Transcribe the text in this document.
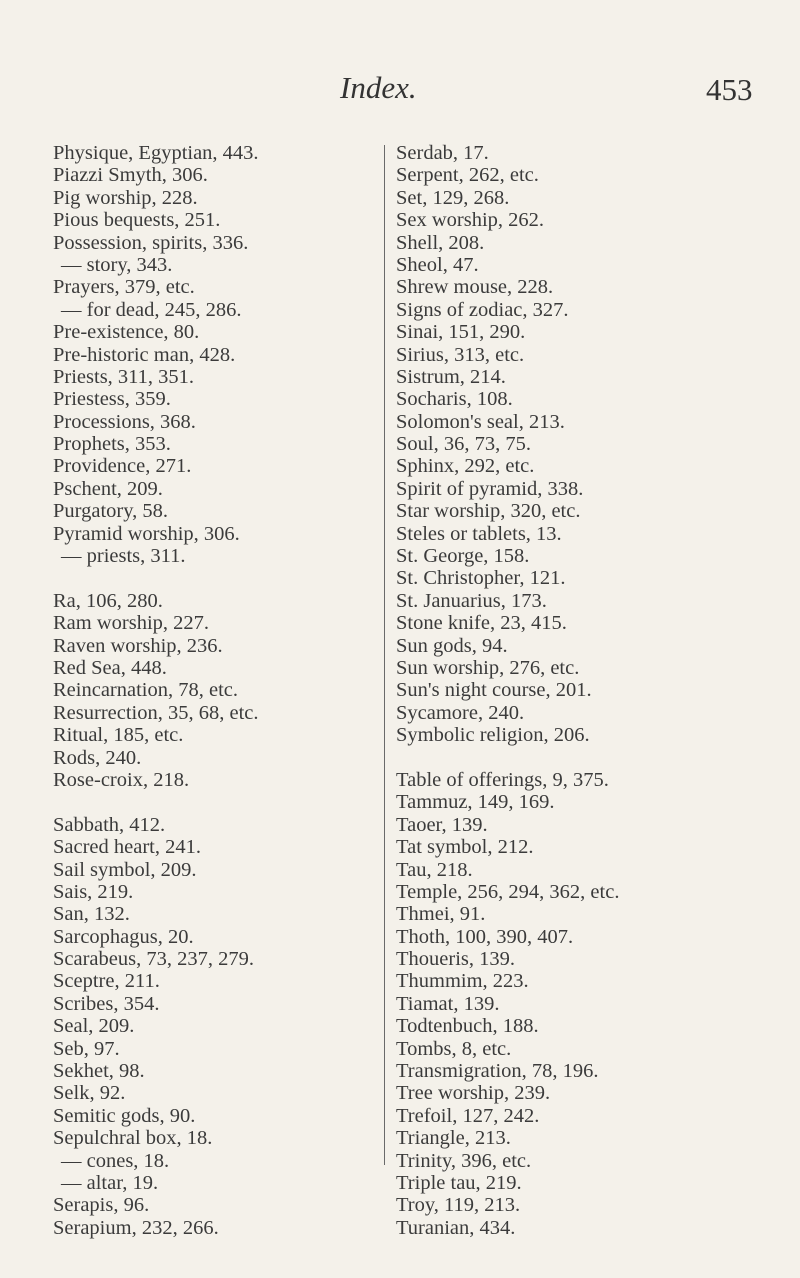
Index.	453
Physique, Egyptian, 443.
Piazzi Smyth, 306.
Pig worship, 228.
Pious bequests, 251.
Possession, spirits, 336.
— story, 343.
Prayers, 379, etc.
— for dead, 245, 286.
Pre-existence, 80.
Pre-historic man, 428.
Priests, 311, 351.
Priestess, 359.
Processions, 368.
Prophets, 353.
Providence, 271.
Pschent, 209.
Purgatory, 58.
Pyramid worship, 306.
— priests, 311.
Ra, 106, 280.
Ram worship, 227.
Raven worship, 236.
Red Sea, 448.
Reincarnation, 78, etc.
Resurrection, 35, 68, etc.
Ritual, 185, etc.
Rods, 240.
Rose-croix, 218.
Sabbath, 412.
Sacred heart, 241.
Sail symbol, 209.
Sais, 219.
San, 132.
Sarcophagus, 20.
Scarabeus, 73, 237, 279.
Sceptre, 211.
Scribes, 354.
Seal, 209.
Seb, 97.
Sekhet, 98.
Selk, 92.
Semitic gods, 90.
Sepulchral box, 18.
— cones, 18.
— altar, 19.
Serapis, 96.
Serapium, 232, 266.
Serdab, 17.
Serpent, 262, etc.
Set, 129, 268.
Sex worship, 262.
Shell, 208.
Sheol, 47.
Shrew mouse, 228.
Signs of zodiac, 327.
Sinai, 151, 290.
Sirius, 313, etc.
Sistrum, 214.
Socharis, 108.
Solomon's seal, 213.
Soul, 36, 73, 75.
Sphinx, 292, etc.
Spirit of pyramid, 338.
Star worship, 320, etc.
Steles or tablets, 13.
St. George, 158.
St. Christopher, 121.
St. Januarius, 173.
Stone knife, 23, 415.
Sun gods, 94.
Sun worship, 276, etc.
Sun's night course, 201.
Sycamore, 240.
Symbolic religion, 206.
Table of offerings, 9, 375.
Tammuz, 149, 169.
Taoer, 139.
Tat symbol, 212.
Tau, 218.
Temple, 256, 294, 362, etc.
Thmei, 91.
Thoth, 100, 390, 407.
Thoueris, 139.
Thummim, 223.
Tiamat, 139.
Todtenbuch, 188.
Tombs, 8, etc.
Transmigration, 78, 196.
Tree worship, 239.
Trefoil, 127, 242.
Triangle, 213.
Trinity, 396, etc.
Triple tau, 219.
Troy, 119, 213.
Turanian, 434.
